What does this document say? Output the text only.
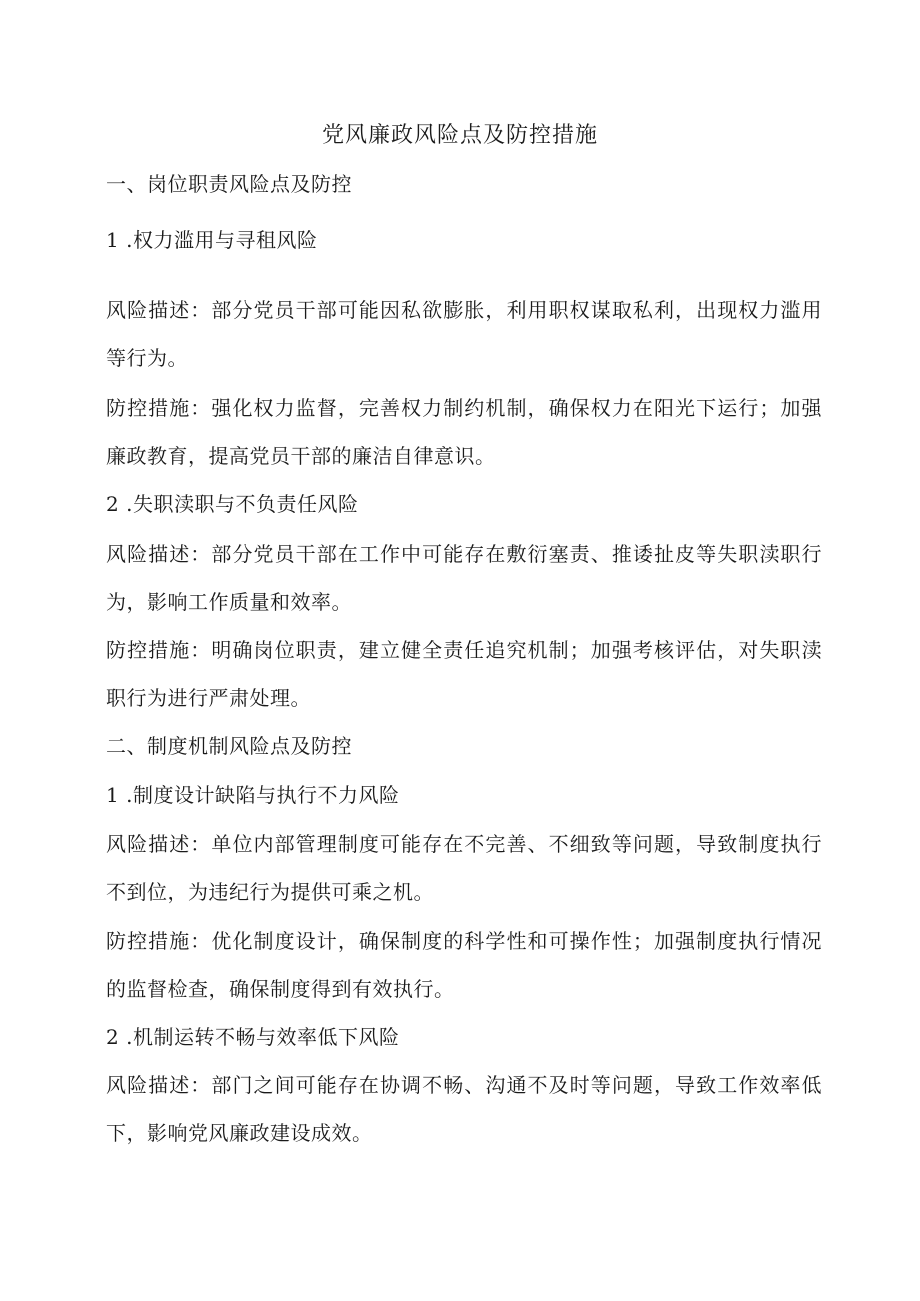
党风廉政风险点及防控措施
一、岗位职责风险点及防控
1 .权力滥用与寻租风险
风险描述：部分党员干部可能因私欲膨胀，利用职权谋取私利，出现权力滥用等行为。
防控措施：强化权力监督，完善权力制约机制，确保权力在阳光下运行；加强廉政教育，提高党员干部的廉洁自律意识。
2 .失职渎职与不负责任风险
风险描述：部分党员干部在工作中可能存在敷衍塞责、推诿扯皮等失职渎职行为，影响工作质量和效率。
防控措施：明确岗位职责，建立健全责任追究机制；加强考核评估，对失职渎职行为进行严肃处理。
二、制度机制风险点及防控
1 .制度设计缺陷与执行不力风险
风险描述：单位内部管理制度可能存在不完善、不细致等问题，导致制度执行不到位，为违纪行为提供可乘之机。
防控措施：优化制度设计，确保制度的科学性和可操作性；加强制度执行情况的监督检查，确保制度得到有效执行。
2 .机制运转不畅与效率低下风险
风险描述：部门之间可能存在协调不畅、沟通不及时等问题，导致工作效率低下，影响党风廉政建设成效。
